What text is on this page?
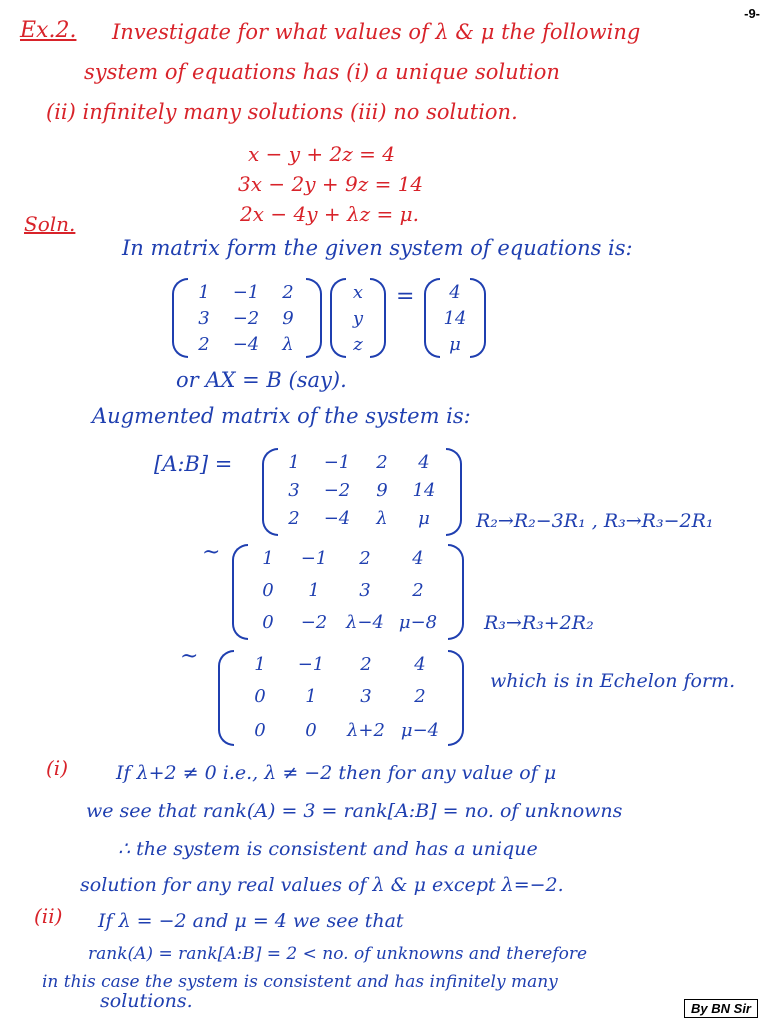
-9-
Ex.2. Investigate for what values of λ & μ the following
system of equations has (i) a unique solution
(ii) infinitely many solutions (iii) no solution.
x − y + 2z = 4
3x − 2y + 9z = 14
2x − 4y + λz = μ.
Soln.
In matrix form the given system of equations is:
1	−1	2
3	−2	9
2	−4	λ
x
y
z
=	4
14
μ
or AX = B (say).
Augmented matrix of the system is:
[A:B] =	1	−1	2	4
3	−2	9	14
2	−4	λ	μ	R₂→R₂−3R₁ , R₃→R₃−2R₁
~	1	−1	2	4
0	1	3	2
0	−2	λ−4 μ−8	R₃→R₃+2R₂
~	1	−1	2	4
0	1	3	2
0	0	λ+2 μ−4
which is in Echelon form.
(i)	If λ+2 ≠ 0 i.e., λ ≠ −2 then for any value of μ
we see that rank(A) = 3 = rank[A:B] = no. of unknowns
∴ the system is consistent and has a unique
solution for any real values of λ & μ except λ=−2.
(ii) If λ = −2 and μ = 4 we see that
rank(A) = rank[A:B] = 2 < no. of unknowns and therefore
in this case the system is consistent and has infinitely many
solutions.	By BN Sir
